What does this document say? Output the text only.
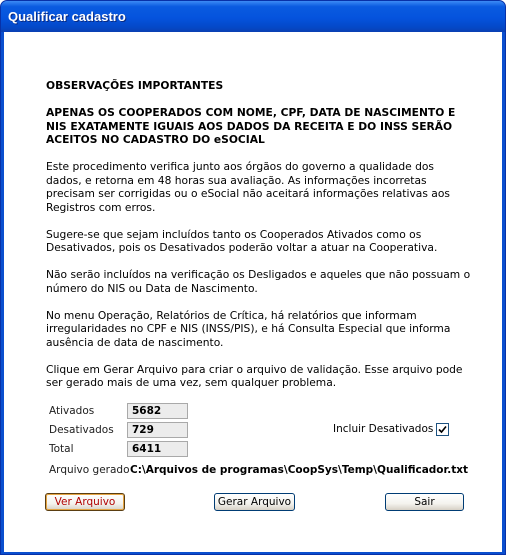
Qualificar cadastro

OBSERVAÇÕES IMPORTANTES

APENAS OS COOPERADOS COM NOME, CPF, DATA DE NASCIMENTO E NIS EXATAMENTE IGUAIS AOS DADOS DA RECEITA E DO INSS SERÃO ACEITOS NO CADASTRO DO eSOCIAL

Este procedimento verifica junto aos órgãos do governo a qualidade dos dados, e retorna em 48 horas sua avaliação. As informações incorretas precisam ser corrigidas ou o eSocial não aceitará informações relativas aos Registros com erros.

Sugere-se que sejam incluídos tanto os Cooperados Ativados como os Desativados, pois os Desativados poderão voltar a atuar na Cooperativa.

Não serão incluídos na verificação os Desligados e aqueles que não possuam o número do NIS ou Data de Nascimento.

No menu Operação, Relatórios de Crítica, há relatórios que informam irregularidades no CPF e NIS (INSS/PIS), e há Consulta Especial que informa ausência de data de nascimento.

Clique em Gerar Arquivo para criar o arquivo de validação. Esse arquivo pode ser gerado mais de uma vez, sem qualquer problema.

Ativados	5682
Desativados	729
Total	6411
Incluir Desativados
Arquivo gerado C:\Arquivos de programas\CoopSys\Temp\Qualificador.txt
Ver Arquivo	Gerar Arquivo	Sair
